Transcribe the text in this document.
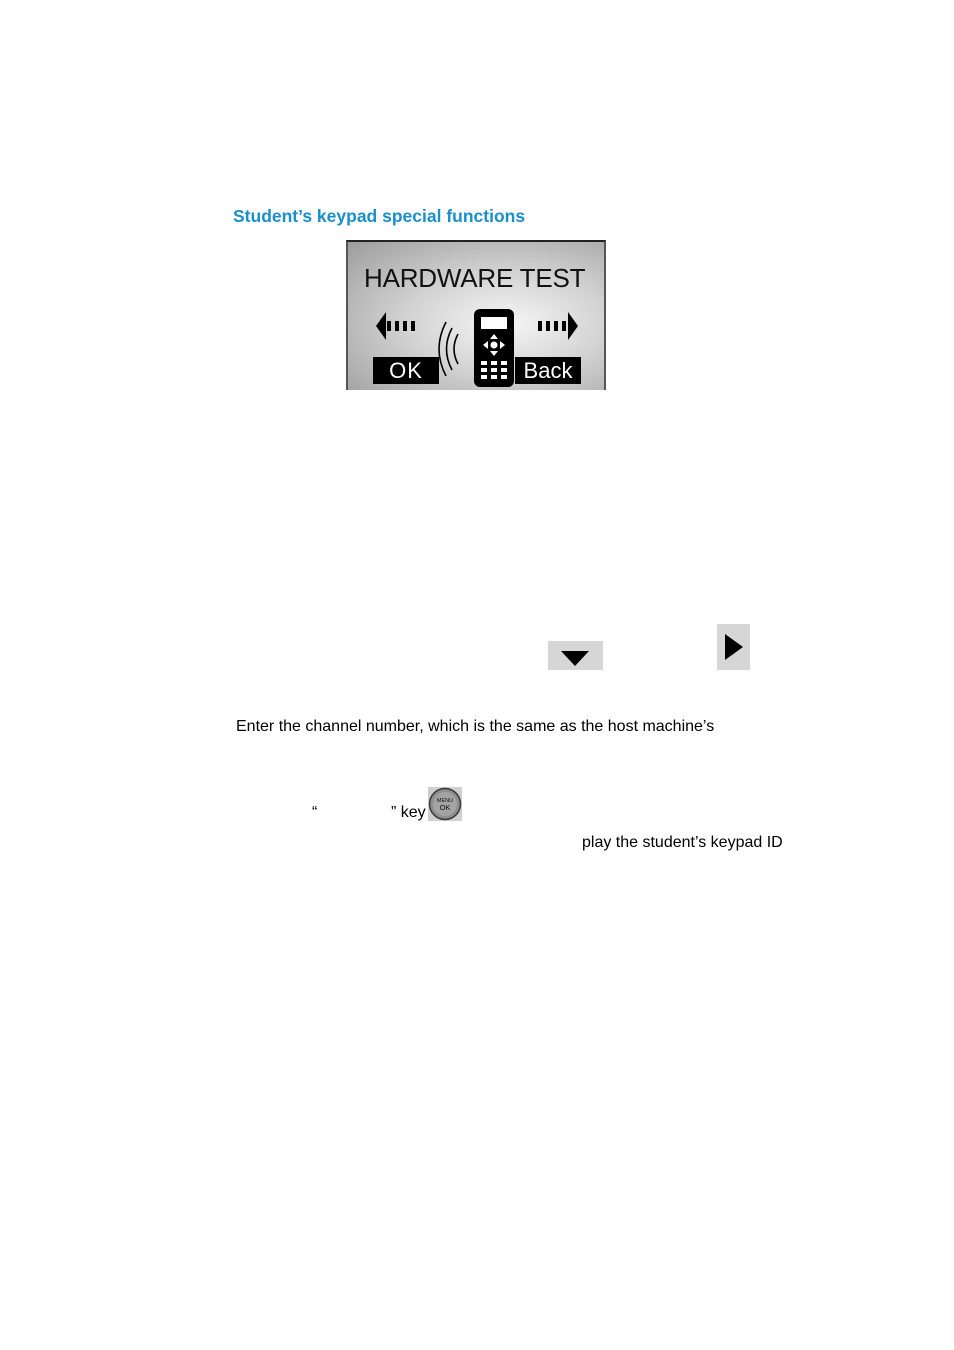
Student’s keypad special functions
HARDWARE TEST
OK	Back
Enter the channel number, which is the same as the host machine’s
“	” key
MENU
OK
play the student’s keypad ID
